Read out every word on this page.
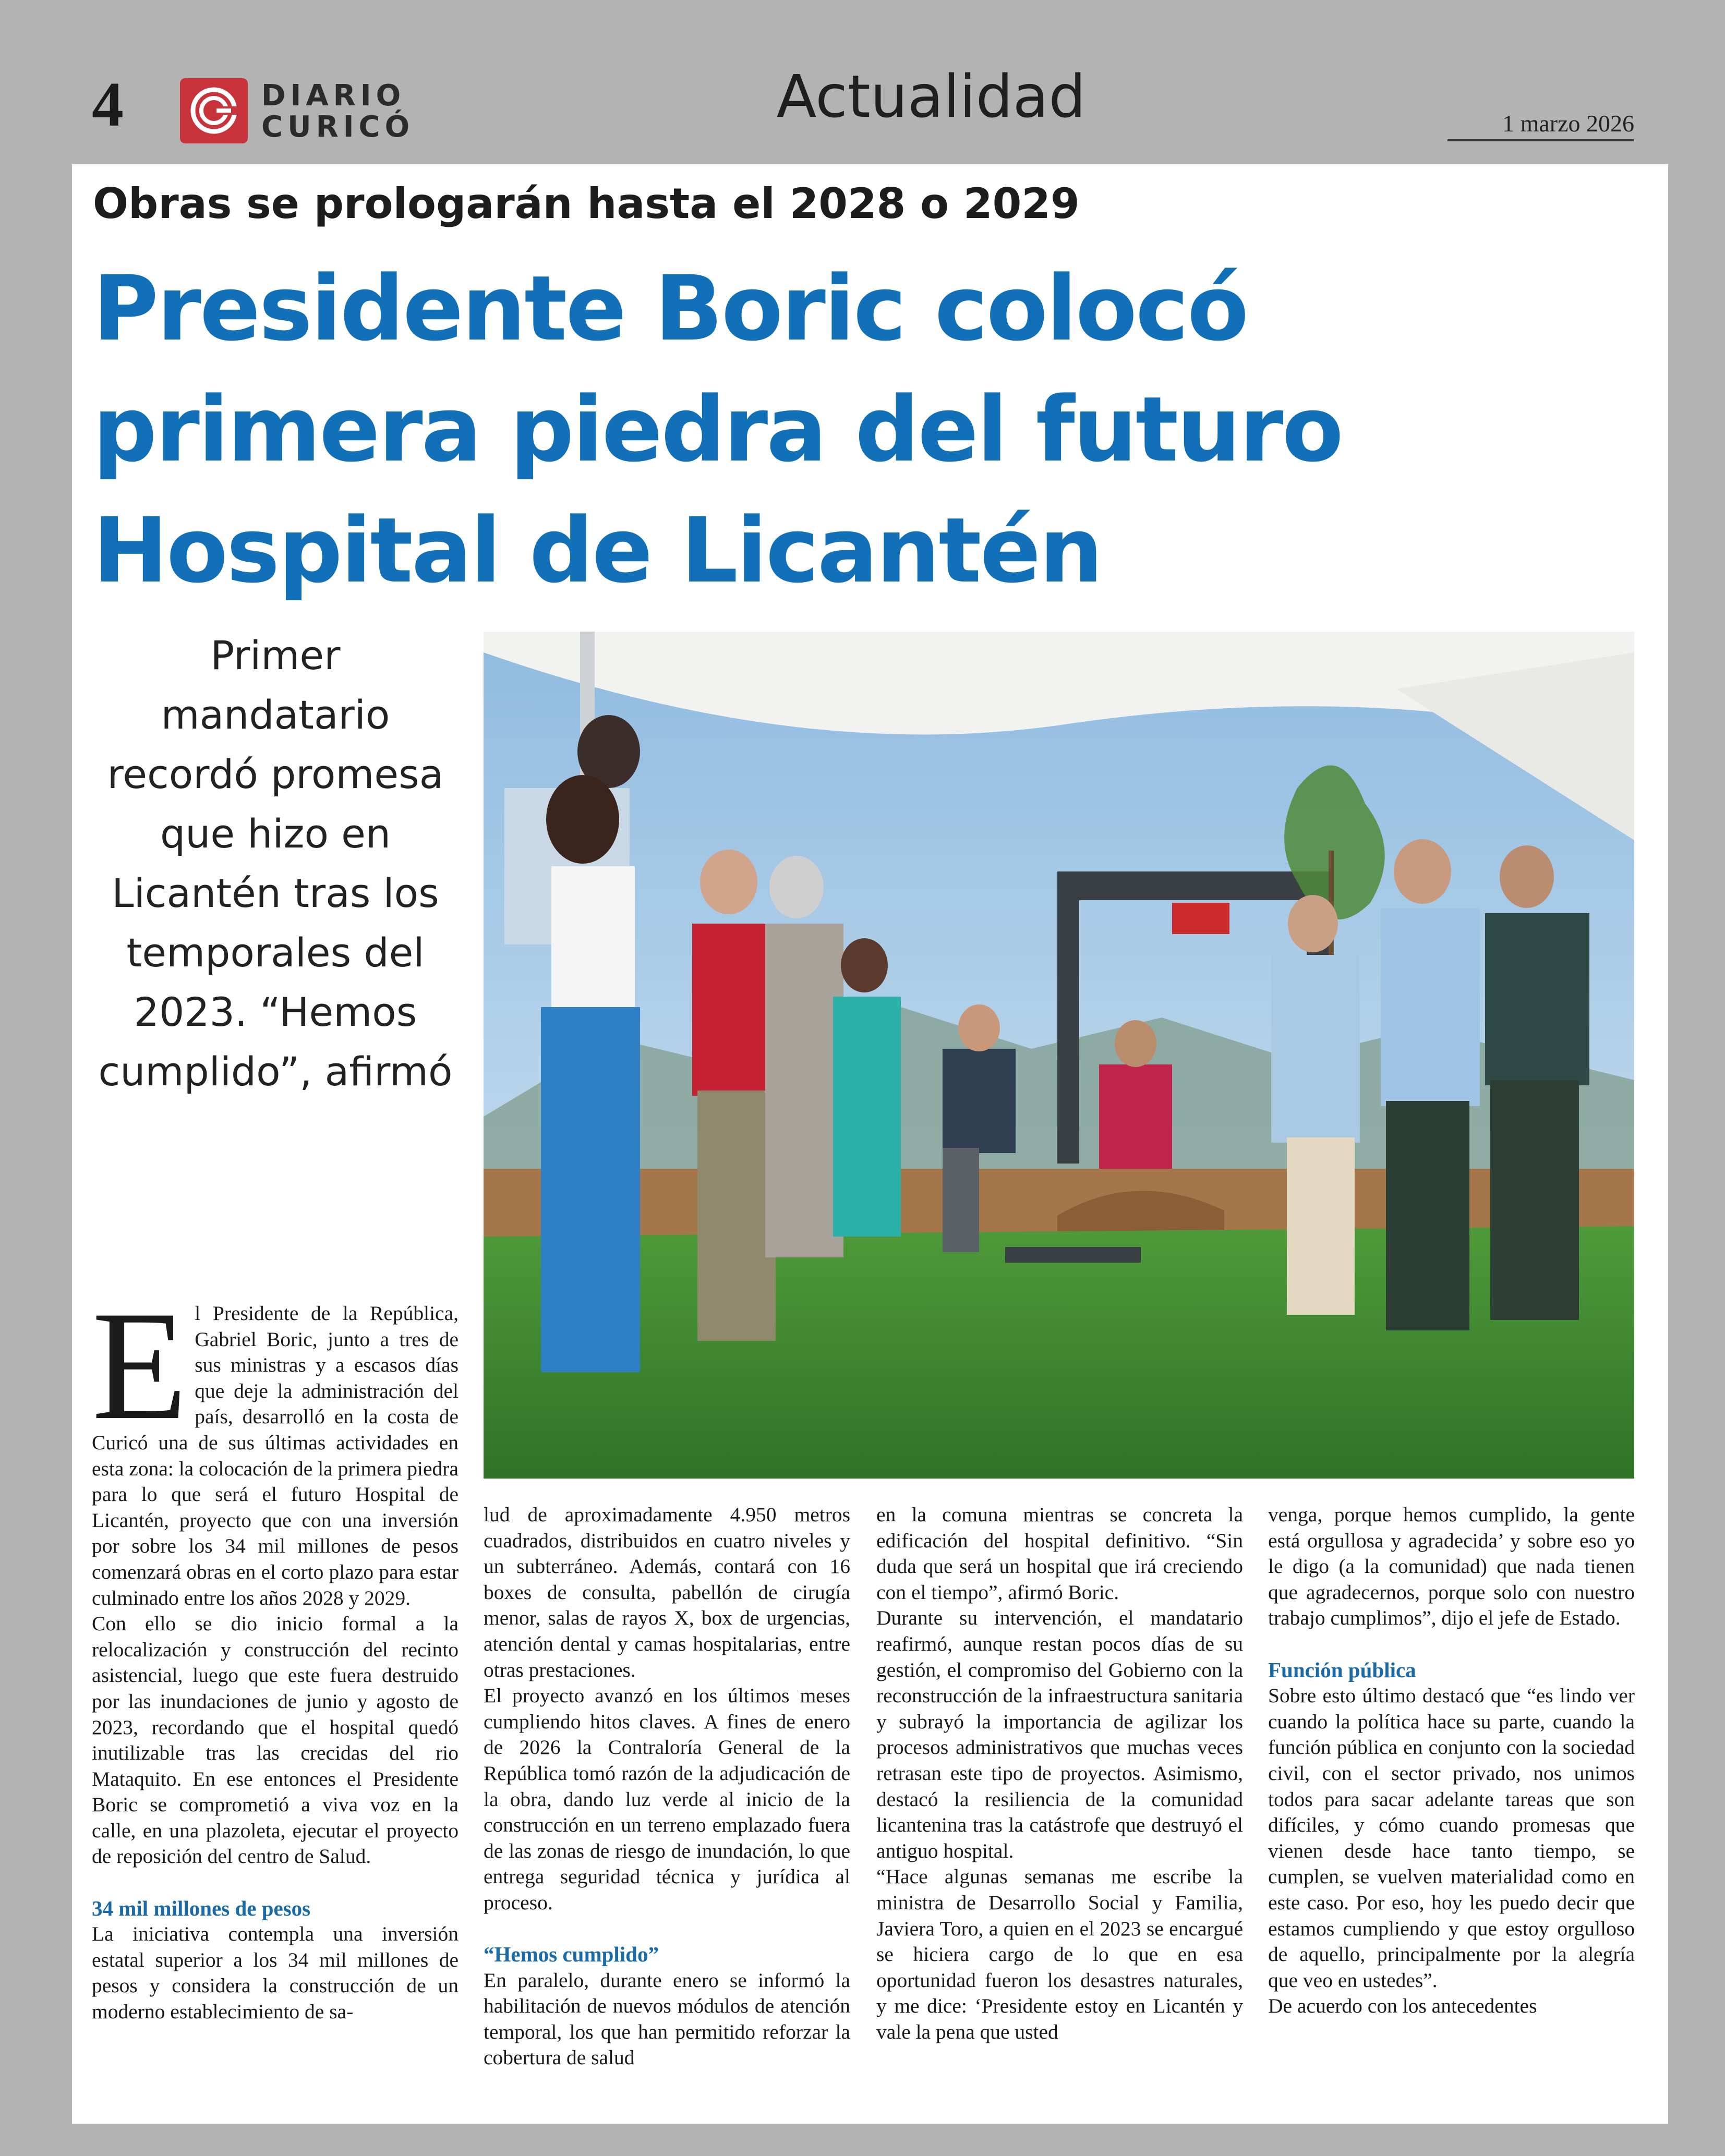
4	DIARIO
CURICÓ	Actualidad	1 marzo 2026
Obras se prologarán hasta el 2028 o 2029
Presidente Boric colocó
primera piedra del futuro
Hospital de Licantén
Primer mandatario recordó promesa que hizo en Licantén tras los temporales del 2023. “Hemos cumplido”, afirmó
E l Presidente de la República, Gabriel Boric, junto a tres de sus ministras y a escasos días que deje la administración del país, desarrolló en la costa de Curicó una de sus últimas actividades en esta zona: la colocación de la primera piedra para lo que será el futuro Hospital de Licantén, proyecto que con una inversión por sobre los 34 mil millones de pesos comenzará obras en el corto plazo para estar culminado entre los años 2028 y 2029.

Con ello se dio inicio formal a la relocalización y construcción del recinto asistencial, luego que este fuera destruido por las inundaciones de junio y agosto de 2023, recordando que el hospital quedó inutilizable tras las crecidas del rio Mataquito. En ese entonces el Presidente Boric se comprometió a viva voz en la calle, en una plazoleta, ejecutar el proyecto de reposición del centro de Salud.

34 mil millones de pesos

La iniciativa contempla una inversión estatal superior a los 34 mil millones de pesos y considera la construcción de un moderno establecimiento de sa-

lud de aproximadamente 4.950 metros cuadrados, distribuidos en cuatro niveles y un subterráneo. Además, contará con 16 boxes de consulta, pabellón de cirugía menor, salas de rayos X, box de urgencias, atención dental y camas hospitalarias, entre otras prestaciones.

El proyecto avanzó en los últimos meses cumpliendo hitos claves. A fines de enero de 2026 la Contraloría General de la República tomó razón de la adjudicación de la obra, dando luz verde al inicio de la construcción en un terreno emplazado fuera de las zonas de riesgo de inundación, lo que entrega seguridad técnica y jurídica al proceso.

“Hemos cumplido”

En paralelo, durante enero se informó la habilitación de nuevos módulos de atención temporal, los que han permitido reforzar la cobertura de salud

en la comuna mientras se concreta la edificación del hospital definitivo. “Sin duda que será un hospital que irá creciendo con el tiempo”, afirmó Boric.

Durante su intervención, el mandatario reafirmó, aunque restan pocos días de su gestión, el compromiso del Gobierno con la reconstrucción de la infraestructura sanitaria y subrayó la importancia de agilizar los procesos administrativos que muchas veces retrasan este tipo de proyectos. Asimismo, destacó la resiliencia de la comunidad licantenina tras la catástrofe que destruyó el antiguo hospital.

“Hace algunas semanas me escribe la ministra de Desarrollo Social y Familia, Javiera Toro, a quien en el 2023 se encargué se hiciera cargo de lo que en esa oportunidad fueron los desastres naturales, y me dice: ‘Presidente estoy en Licantén y vale la pena que usted

venga, porque hemos cumplido, la gente está orgullosa y agradecida’ y sobre eso yo le digo (a la comunidad) que nada tienen que agradecernos, porque solo con nuestro trabajo cumplimos”, dijo el jefe de Estado.

Función pública

Sobre esto último destacó que “es lindo ver cuando la política hace su parte, cuando la función pública en conjunto con la sociedad civil, con el sector privado, nos unimos todos para sacar adelante tareas que son difíciles, y cómo cuando promesas que vienen desde hace tanto tiempo, se cumplen, se vuelven materialidad como en este caso. Por eso, hoy les puedo decir que estamos cumpliendo y que estoy orgulloso de aquello, principalmente por la alegría que veo en ustedes”.

De acuerdo con los antecedentes
